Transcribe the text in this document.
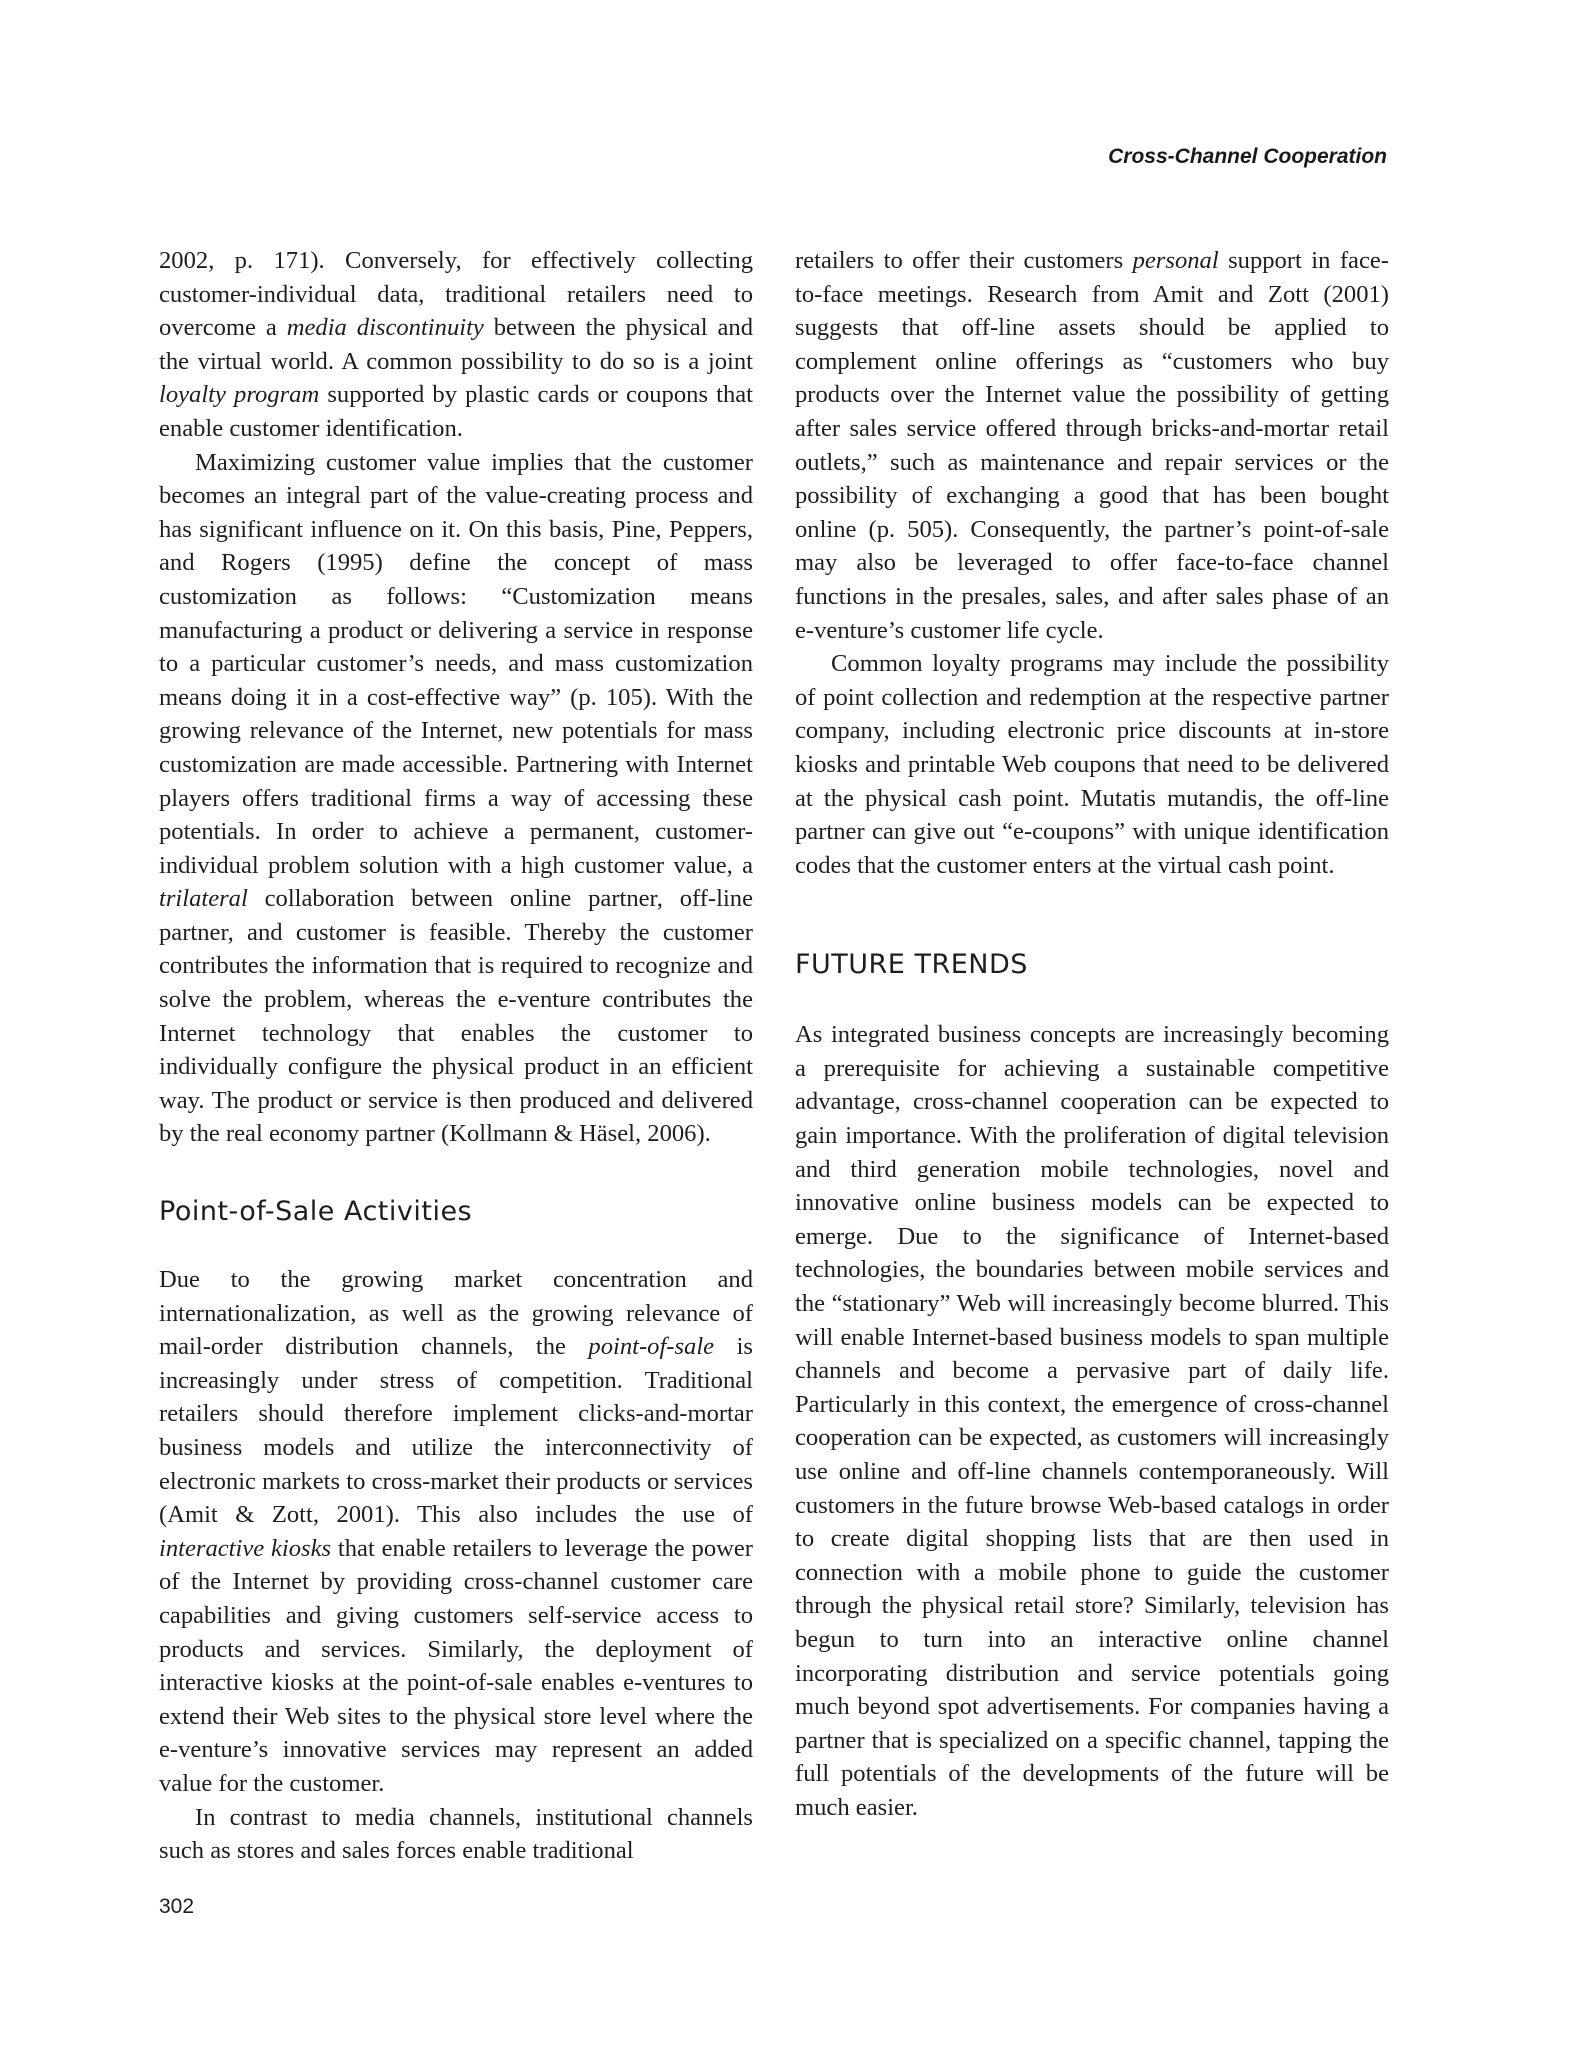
Cross-Channel Cooperation

2002, p. 171). Conversely, for effectively collecting customer-individual data, traditional retailers need to overcome a media discontinuity between the physical and the virtual world. A common possibility to do so is a joint loyalty program supported by plastic cards or coupons that enable customer identification.

Maximizing customer value implies that the customer becomes an integral part of the value-creating process and has significant influence on it. On this basis, Pine, Peppers, and Rogers (1995) define the concept of mass customization as follows: “Customization means manufacturing a product or delivering a service in response to a particular customer’s needs, and mass customization means doing it in a cost-effective way” (p. 105). With the growing relevance of the Internet, new potentials for mass customization are made accessible. Partnering with Internet players offers traditional firms a way of accessing these potentials. In order to achieve a permanent, customer-individual problem solution with a high customer value, a trilateral collaboration between online partner, off-line partner, and customer is feasible. Thereby the customer contributes the information that is required to recognize and solve the problem, whereas the e-venture contributes the Internet technology that enables the customer to individually configure the physical product in an efficient way. The product or service is then produced and delivered by the real economy partner (Kollmann & Häsel, 2006).

Point-of-Sale Activities

Due to the growing market concentration and internationalization, as well as the growing relevance of mail-order distribution channels, the point-of-sale is increasingly under stress of competition. Traditional retailers should therefore implement clicks-and-mortar business models and utilize the interconnectivity of electronic markets to cross-market their products or services (Amit & Zott, 2001). This also includes the use of interactive kiosks that enable retailers to leverage the power of the Internet by providing cross-channel customer care capabilities and giving customers self-service access to products and services. Similarly, the deployment of interactive kiosks at the point-of-sale enables e-ventures to extend their Web sites to the physical store level where the e-venture’s innovative services may represent an added value for the customer.

In contrast to media channels, institutional channels such as stores and sales forces enable traditional

retailers to offer their customers personal support in face-to-face meetings. Research from Amit and Zott (2001) suggests that off-line assets should be applied to complement online offerings as “customers who buy products over the Internet value the possibility of getting after sales service offered through bricks-and-mortar retail outlets,” such as maintenance and repair services or the possibility of exchanging a good that has been bought online (p. 505). Consequently, the partner’s point-of-sale may also be leveraged to offer face-to-face channel functions in the presales, sales, and after sales phase of an e-venture’s customer life cycle.

Common loyalty programs may include the possibility of point collection and redemption at the respective partner company, including electronic price discounts at in-store kiosks and printable Web coupons that need to be delivered at the physical cash point. Mutatis mutandis, the off-line partner can give out “e-coupons” with unique identification codes that the customer enters at the virtual cash point.

FUTURE TRENDS

As integrated business concepts are increasingly becoming a prerequisite for achieving a sustainable competitive advantage, cross-channel cooperation can be expected to gain importance. With the proliferation of digital television and third generation mobile technologies, novel and innovative online business models can be expected to emerge. Due to the significance of Internet-based technologies, the boundaries between mobile services and the “stationary” Web will increasingly become blurred. This will enable Internet-based business models to span multiple channels and become a pervasive part of daily life. Particularly in this context, the emergence of cross-channel cooperation can be expected, as customers will increasingly use online and off-line channels contemporaneously. Will customers in the future browse Web-based catalogs in order to create digital shopping lists that are then used in connection with a mobile phone to guide the customer through the physical retail store? Similarly, television has begun to turn into an interactive online channel incorporating distribution and service potentials going much beyond spot advertisements. For companies having a partner that is specialized on a specific channel, tapping the full potentials of the developments of the future will be much easier.

302
